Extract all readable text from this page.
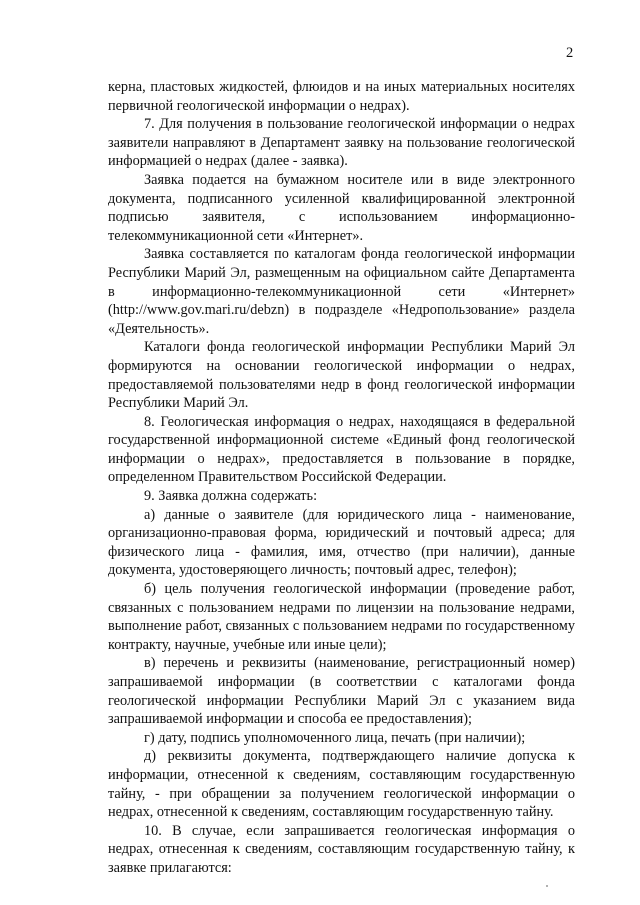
2

керна, пластовых жидкостей, флюидов и на иных материальных носителях первичной геологической информации о недрах).

7. Для получения в пользование геологической информации о недрах заявители направляют в Департамент заявку на пользование геологической информацией о недрах (далее - заявка).

Заявка подается на бумажном носителе или в виде электронного документа, подписанного усиленной квалифицированной электронной подписью заявителя, с использованием информационно-телекоммуникационной сети «Интернет».

Заявка составляется по каталогам фонда геологической информации Республики Марий Эл, размещенным на официальном сайте Департамента в информационно-телекоммуникационной сети «Интернет» (http://www.gov.mari.ru/debzn) в подразделе «Недропользование» раздела «Деятельность».

Каталоги фонда геологической информации Республики Марий Эл формируются на основании геологической информации о недрах, предоставляемой пользователями недр в фонд геологической информации Республики Марий Эл.

8. Геологическая информация о недрах, находящаяся в федеральной государственной информационной системе «Единый фонд геологической информации о недрах», предоставляется в пользование в порядке, определенном Правительством Российской Федерации.

9. Заявка должна содержать:

а) данные о заявителе (для юридического лица - наименование, организационно-правовая форма, юридический и почтовый адреса; для физического лица - фамилия, имя, отчество (при наличии), данные документа, удостоверяющего личность; почтовый адрес, телефон);

б) цель получения геологической информации (проведение работ, связанных с пользованием недрами по лицензии на пользование недрами, выполнение работ, связанных с пользованием недрами по государственному контракту, научные, учебные или иные цели);

в) перечень и реквизиты (наименование, регистрационный номер) запрашиваемой информации (в соответствии с каталогами фонда геологической информации Республики Марий Эл с указанием вида запрашиваемой информации и способа ее предоставления);

г) дату, подпись уполномоченного лица, печать (при наличии);

д) реквизиты документа, подтверждающего наличие допуска к информации, отнесенной к сведениям, составляющим государственную тайну, - при обращении за получением геологической информации о недрах, отнесенной к сведениям, составляющим государственную тайну.

10. В случае, если запрашивается геологическая информация о недрах, отнесенная к сведениям, составляющим государственную тайну, к заявке прилагаются:
